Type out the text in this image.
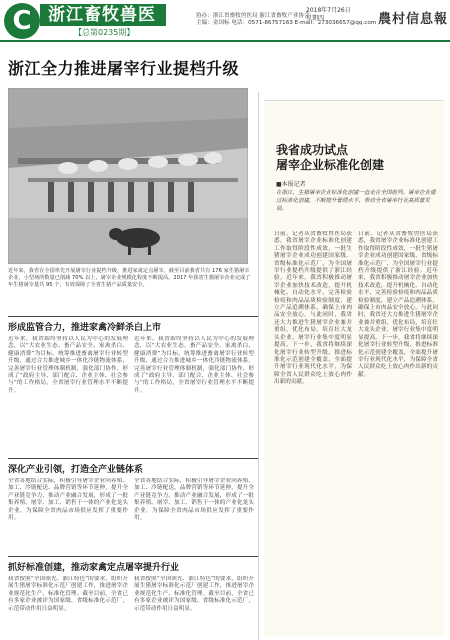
C 浙江畜牧兽医
【总第0235期】
协办：浙江省畜牧兽医局 浙江省畜牧产业协会
主编：金国标 电话：0571-86757163 E-mail：273036657@qq.com
2018年7月26日
星期四	農村信息報
浙江全力推进屠宰行业提档升级
近年来，我省在全国率先开展屠宰行业提档升级，推进家禽定点屠宰，截至目前我省共有 176 家生猪屠宰企业，小型场所数量已削减 70% 以上，屠宰企业规模化程度不断提高。2017 年我省生猪屠宰企业完成了年生猪屠宰量共 95 个，有效保障了全省生猪产品质量安全。
形成监管合力，推进家禽冷鲜杀白上市
近年来，我省始终坚持以人民为中心的发展理念，以“大农业生态、畜产品安全、家禽杀白、健康消费”为目标，统筹推进畜禽屠宰行业转型升级，通过合力推进城乡一体化冷链物流体系，完善屠宰行业管理体制机制，强化部门协作，形成了“政府主导、部门配合、企业主体、社会参与”的工作格局，全省屠宰行业管理水平不断提升。
近年来，我省始终坚持以人民为中心的发展理念，以“大农业生态、畜产品安全、家禽杀白、健康消费”为目标，统筹推进畜禽屠宰行业转型升级，通过合力推进城乡一体化冷链物流体系，完善屠宰行业管理体制机制，强化部门协作，形成了“政府主导、部门配合、企业主体、社会参与”的工作格局，全省屠宰行业管理水平不断提升。
深化产业引领，打造全产业链体系
全省各地结合实际，积极引导屠宰企业向养殖、加工、冷链配送、品牌营销等环节延伸，提升全产业链竞争力，推动产业融合发展，形成了一批集养殖、屠宰、加工、销售于一体的产业化龙头企业，为保障全省肉品市场供应发挥了重要作用。
全省各地结合实际，积极引导屠宰企业向养殖、加工、冷链配送、品牌营销等环节延伸，提升全产业链竞争力，推动产业融合发展，形成了一批集养殖、屠宰、加工、销售于一体的产业化龙头企业，为保障全省肉品市场供应发挥了重要作用。
抓好标准创建，推动家禽定点屠宰提升行业
我省按照“全国领先、浙江特色”的要求，组织开展生猪屠宰标准化示范厂创建工作，推进屠宰企业规范化生产、标准化管理。截至目前，全省已有多家企业被评为国家级、省级标准化示范厂，示范带动作用日益明显。
我省按照“全国领先、浙江特色”的要求，组织开展生猪屠宰标准化示范厂创建工作，推进屠宰企业规范化生产、标准化管理。截至目前，全省已有多家企业被评为国家级、省级标准化示范厂，示范带动作用日益明显。
我省成功试点
屠宰企业标准化创建
■本报记者
在浙江，生猪屠宰企业标准化创建一直走在全国前列。屠宰企业通过标准化创建，不断提升管理水平，带动全省屠宰行业高质量发展。
日前，记者从省畜牧兽医局获悉，我省屠宰企业标准化创建工作取得阶段性成效，一批生猪屠宰企业成功创建国家级、省级标准化示范厂，为全国屠宰行业提档升级提供了浙江经验。近年来，我省积极推动屠宰企业加快技术改造，提升机械化、自动化水平，完善检验检疫和肉品品质检验制度，建立产品追溯体系，确保上市肉品安全放心。与此同时，我省还大力推进生猪屠宰企业兼并重组，优化布局，培育壮大龙头企业，屠宰行业集中度明显提高。下一步，我省将继续深化屠宰行业转型升级，推进标准化示范创建全覆盖，全面提升屠宰行业现代化水平，为保障全省人民群众吃上放心肉作出新的贡献。
日前，记者从省畜牧兽医局获悉，我省屠宰企业标准化创建工作取得阶段性成效，一批生猪屠宰企业成功创建国家级、省级标准化示范厂，为全国屠宰行业提档升级提供了浙江经验。近年来，我省积极推动屠宰企业加快技术改造，提升机械化、自动化水平，完善检验检疫和肉品品质检验制度，建立产品追溯体系，确保上市肉品安全放心。与此同时，我省还大力推进生猪屠宰企业兼并重组，优化布局，培育壮大龙头企业，屠宰行业集中度明显提高。下一步，我省将继续深化屠宰行业转型升级，推进标准化示范创建全覆盖，全面提升屠宰行业现代化水平，为保障全省人民群众吃上放心肉作出新的贡献。
